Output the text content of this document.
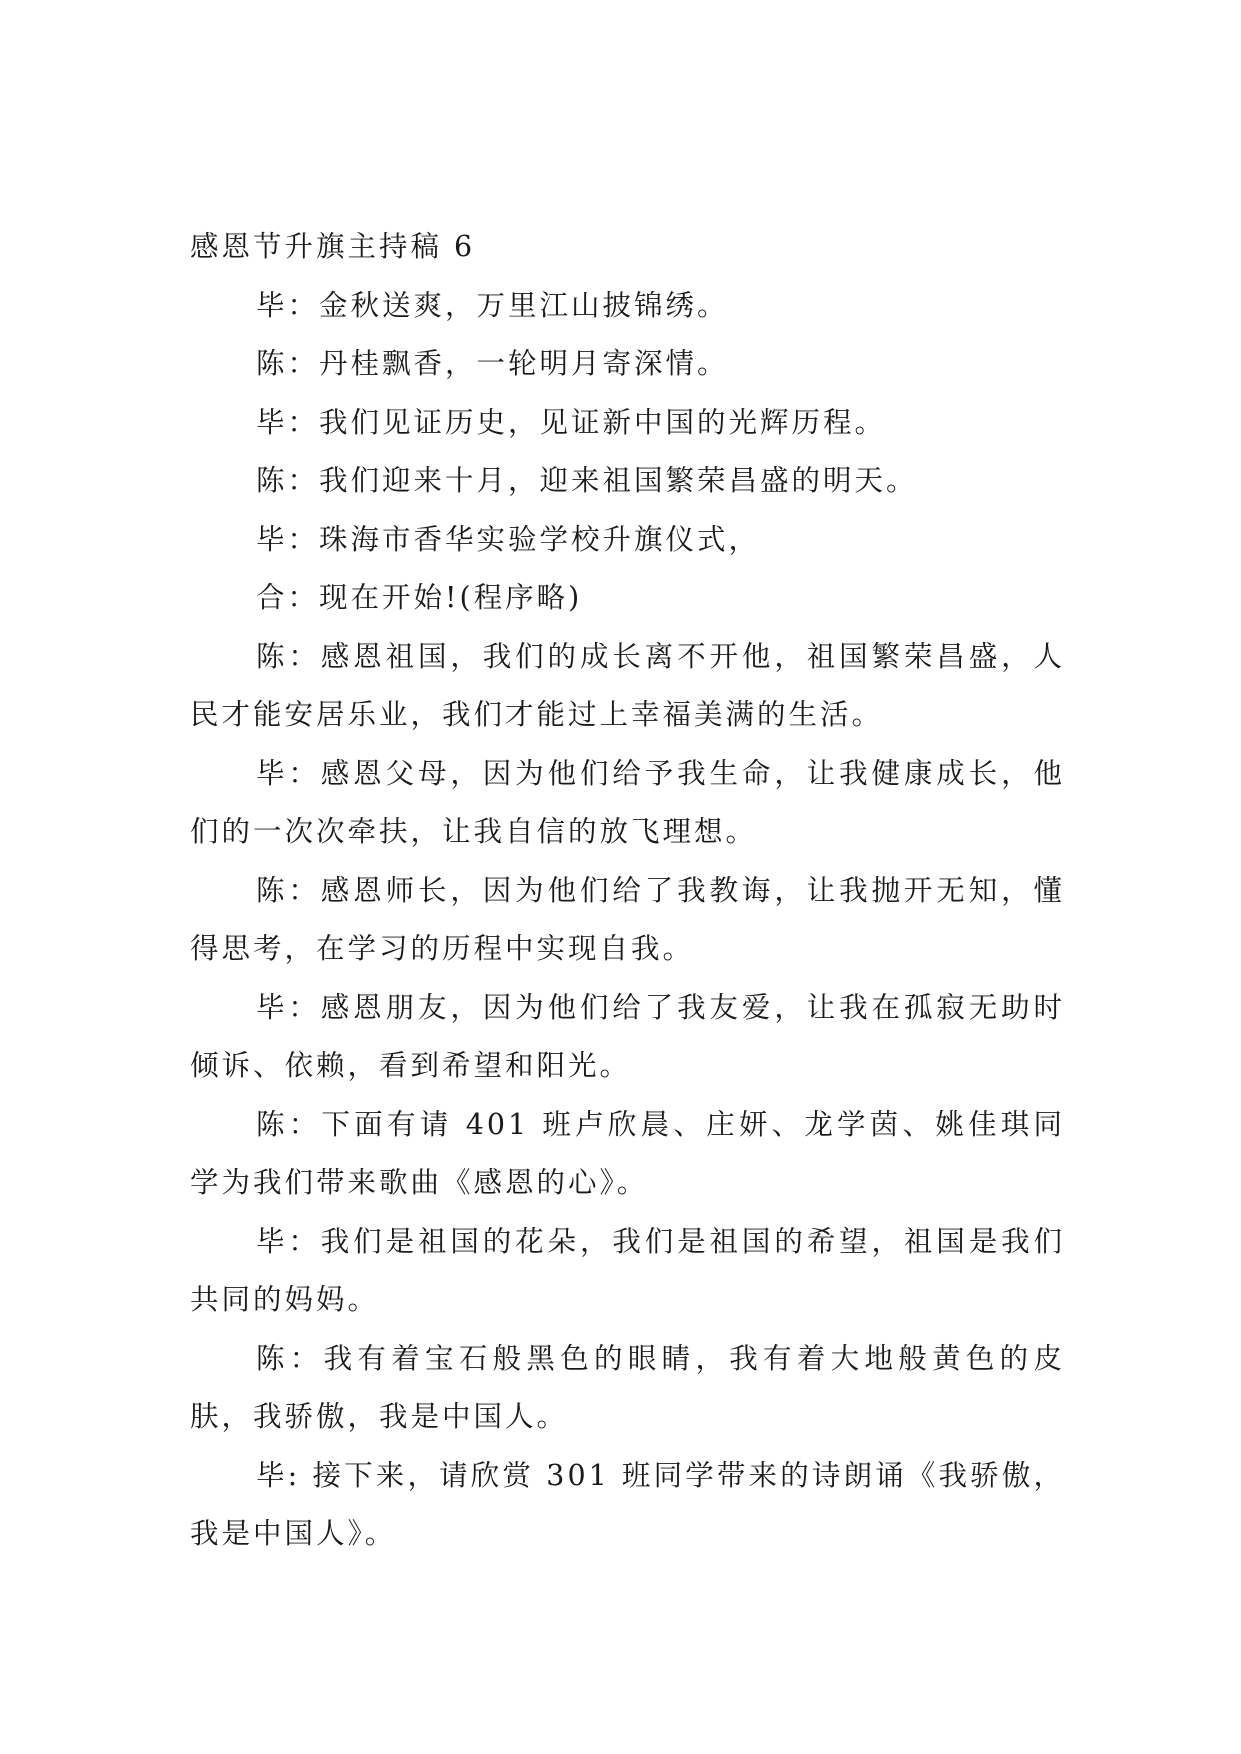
感恩节升旗主持稿 6

毕：金秋送爽，万里江山披锦绣。

陈：丹桂飘香，一轮明月寄深情。

毕：我们见证历史，见证新中国的光辉历程。

陈：我们迎来十月，迎来祖国繁荣昌盛的明天。

毕：珠海市香华实验学校升旗仪式，

合：现在开始!(程序略)

陈：感恩祖国，我们的成长离不开他，祖国繁荣昌盛，人民才能安居乐业，我们才能过上幸福美满的生活。

毕：感恩父母，因为他们给予我生命，让我健康成长，他们的一次次牵扶，让我自信的放飞理想。

陈：感恩师长，因为他们给了我教诲，让我抛开无知，懂得思考，在学习的历程中实现自我。

毕：感恩朋友，因为他们给了我友爱，让我在孤寂无助时倾诉、依赖，看到希望和阳光。

陈：下面有请 401 班卢欣晨、庄妍、龙学茵、姚佳琪同学为我们带来歌曲《感恩的心》。

毕：我们是祖国的花朵，我们是祖国的希望，祖国是我们共同的妈妈。

陈：我有着宝石般黑色的眼睛，我有着大地般黄色的皮肤，我骄傲，我是中国人。

毕: 接下来，请欣赏 301 班同学带来的诗朗诵《我骄傲，我是中国人》。
